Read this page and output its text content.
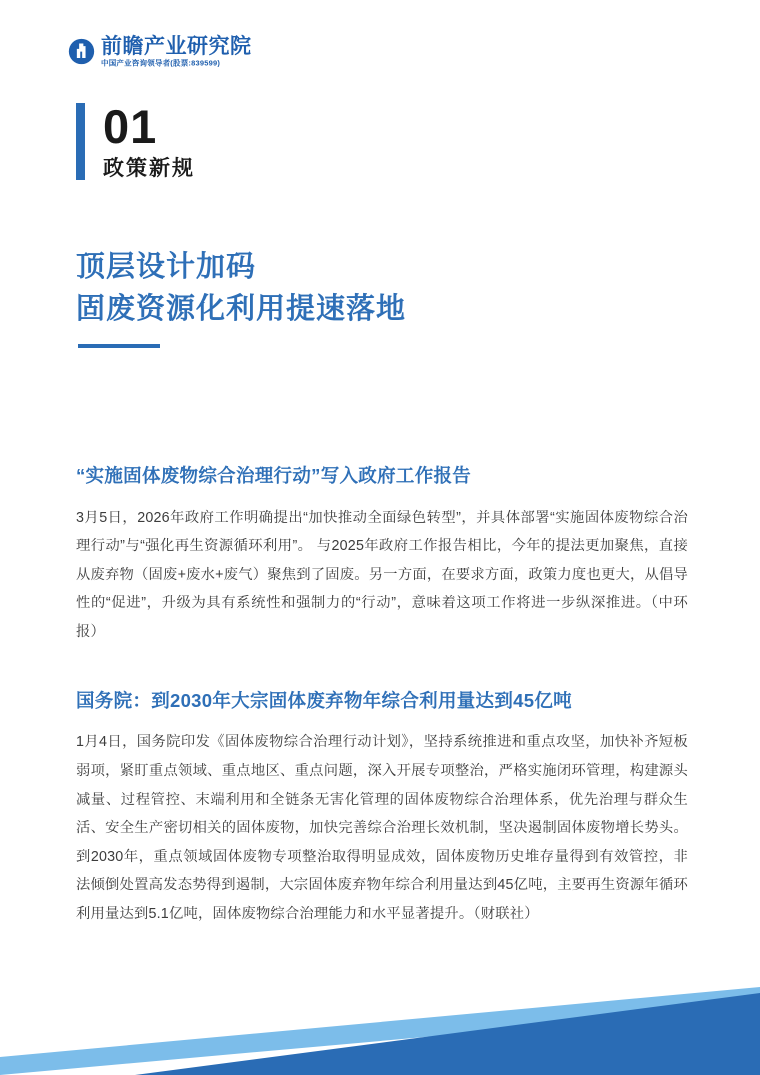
前瞻产业研究院
中国产业咨询领导者(股票:839599)
01
政策新规
顶层设计加码
固废资源化利用提速落地
“实施固体废物综合治理行动”写入政府工作报告

3月5日，2026年政府工作明确提出“加快推动全面绿色转型”，并具体部署“实施固体废物综合治理行动”与“强化再生资源循环利用”。 与2025年政府工作报告相比，今年的提法更加聚焦，直接从废弃物（固废+废水+废气）聚焦到了固废。另一方面，在要求方面，政策力度也更大，从倡导性的“促进”，升级为具有系统性和强制力的“行动”，意味着这项工作将进一步纵深推进。（中环报）

国务院：到2030年大宗固体废弃物年综合利用量达到45亿吨

1月4日，国务院印发《固体废物综合治理行动计划》，坚持系统推进和重点攻坚，加快补齐短板弱项，紧盯重点领域、重点地区、重点问题，深入开展专项整治，严格实施闭环管理，构建源头减量、过程管控、末端利用和全链条无害化管理的固体废物综合治理体系，优先治理与群众生活、安全生产密切相关的固体废物，加快完善综合治理长效机制，坚决遏制固体废物增长势头。到2030年，重点领域固体废物专项整治取得明显成效，固体废物历史堆存量得到有效管控，非法倾倒处置高发态势得到遏制，大宗固体废弃物年综合利用量达到45亿吨，主要再生资源年循环利用量达到5.1亿吨，固体废物综合治理能力和水平显著提升。（财联社）
